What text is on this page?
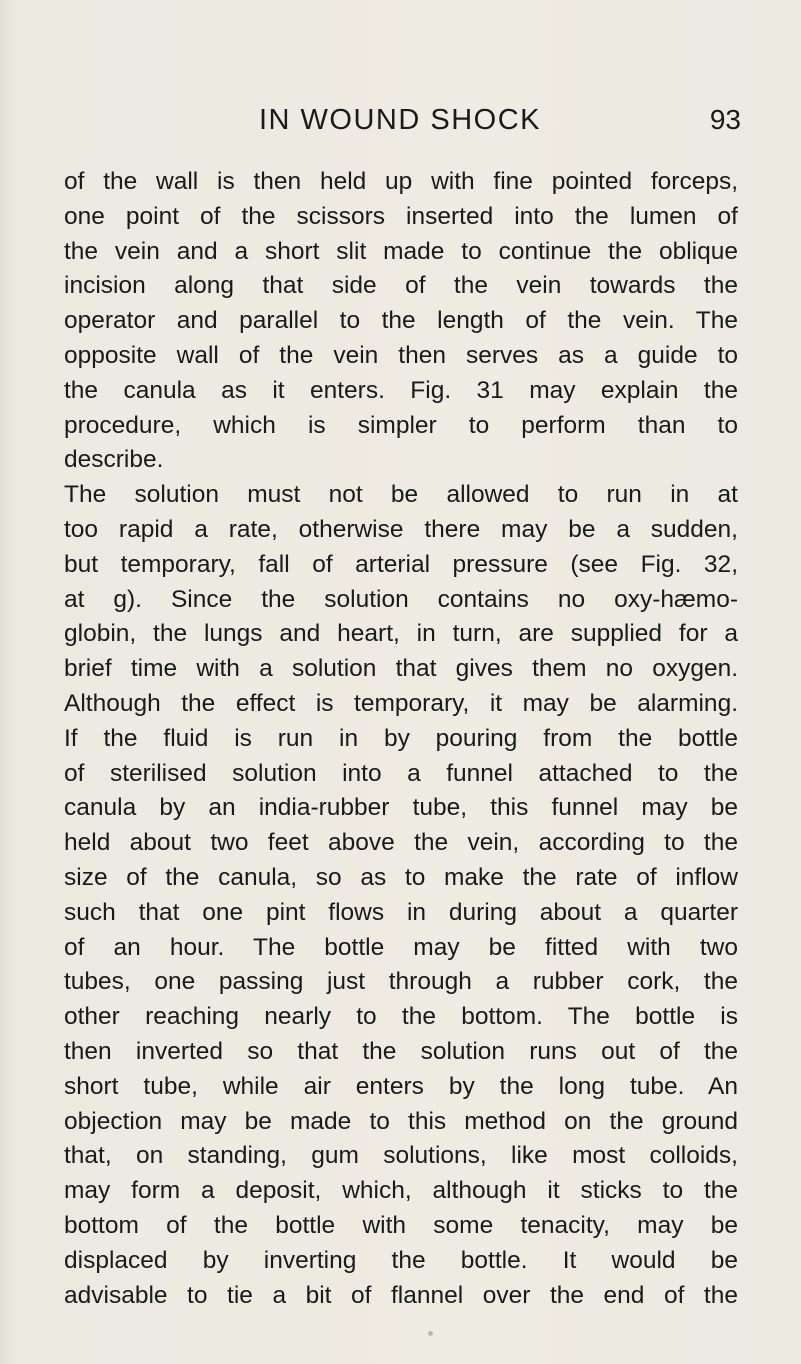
IN WOUND SHOCK	93
of the wall is then held up with fine pointed forceps,
one point of the scissors inserted into the lumen of
the vein and a short slit made to continue the oblique
incision along that side of the vein towards the
operator and parallel to the length of the vein. The
opposite wall of the vein then serves as a guide to
the canula as it enters. Fig. 31 may explain the
procedure, which is simpler to perform than to
describe.
The solution must not be allowed to run in at
too rapid a rate, otherwise there may be a sudden,
but temporary, fall of arterial pressure (see Fig. 32,
at g). Since the solution contains no oxy-hæmo-
globin, the lungs and heart, in turn, are supplied for a
brief time with a solution that gives them no oxygen.
Although the effect is temporary, it may be alarming.
If the fluid is run in by pouring from the bottle
of sterilised solution into a funnel attached to the
canula by an india-rubber tube, this funnel may be
held about two feet above the vein, according to the
size of the canula, so as to make the rate of inflow
such that one pint flows in during about a quarter
of an hour. The bottle may be fitted with two
tubes, one passing just through a rubber cork, the
other reaching nearly to the bottom. The bottle is
then inverted so that the solution runs out of the
short tube, while air enters by the long tube. An
objection may be made to this method on the ground
that, on standing, gum solutions, like most colloids,
may form a deposit, which, although it sticks to the
bottom of the bottle with some tenacity, may be
displaced by inverting the bottle. It would be
advisable to tie a bit of flannel over the end of the
